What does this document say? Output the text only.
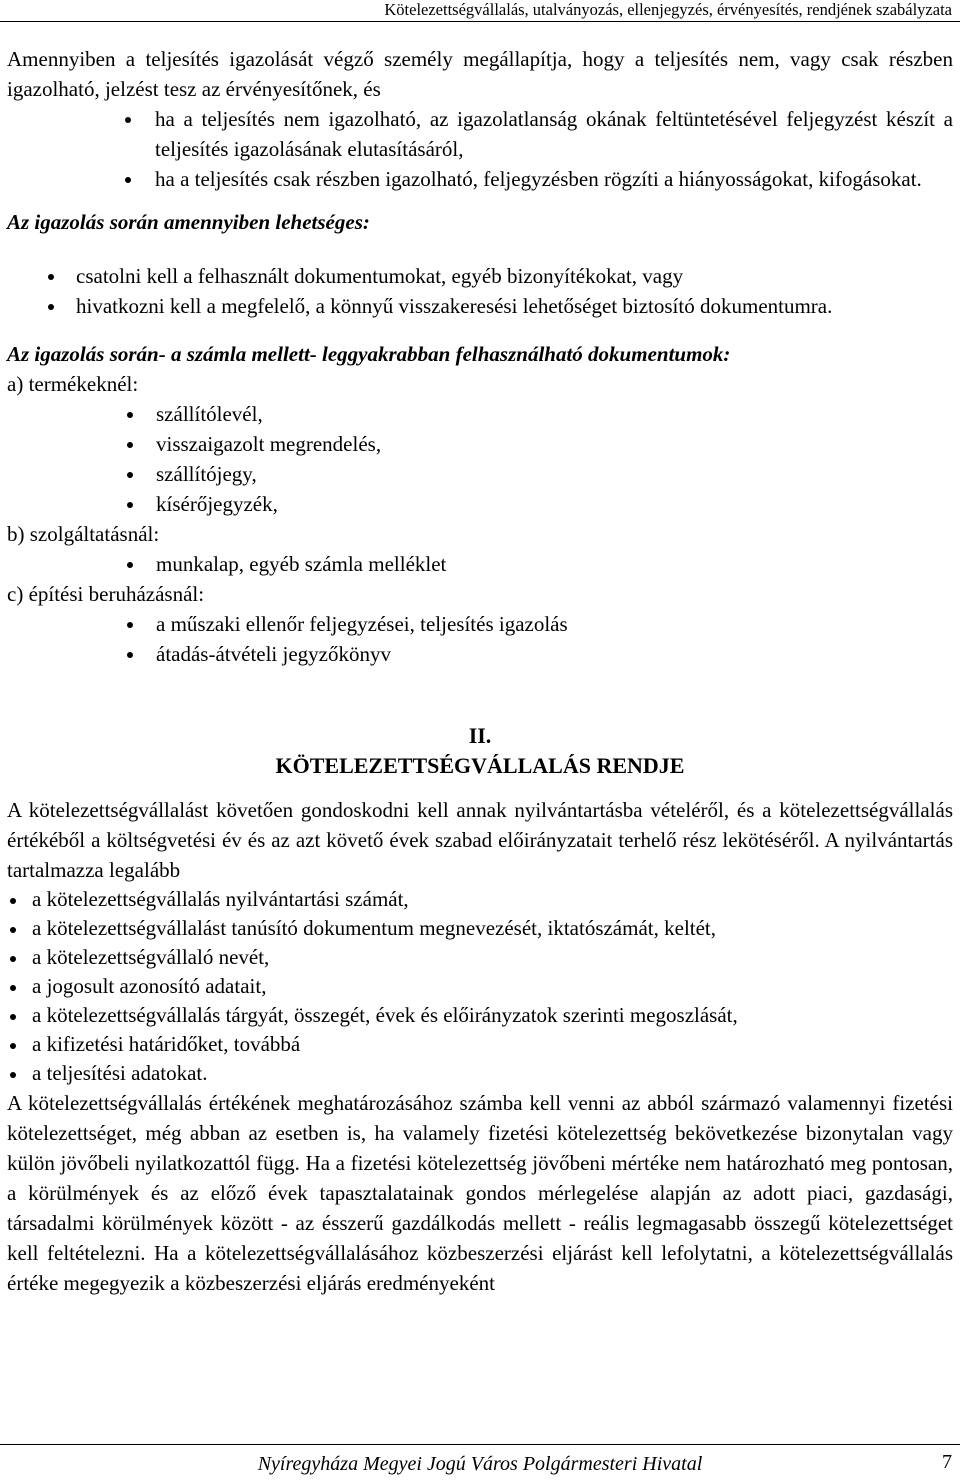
Kötelezettségvállalás, utalványozás, ellenjegyzés, érvényesítés, rendjének szabályzata

Amennyiben a teljesítés igazolását végző személy megállapítja, hogy a teljesítés nem, vagy csak részben igazolható, jelzést tesz az érvényesítőnek, és

ha a teljesítés nem igazolható, az igazolatlanság okának feltüntetésével feljegyzést készít a teljesítés igazolásának elutasításáról,
ha a teljesítés csak részben igazolható, feljegyzésben rögzíti a hiányosságokat, kifogásokat.

Az igazolás során amennyiben lehetséges:

csatolni kell a felhasznált dokumentumokat, egyéb bizonyítékokat, vagy
hivatkozni kell a megfelelő, a könnyű visszakeresési lehetőséget biztosító dokumentumra.

Az igazolás során- a számla mellett- leggyakrabban felhasználható dokumentumok:

a) termékeknél:

szállítólevél,
visszaigazolt megrendelés,
szállítójegy,
kísérőjegyzék,

b) szolgáltatásnál:

munkalap, egyéb számla melléklet

c) építési beruházásnál:

a műszaki ellenőr feljegyzései, teljesítés igazolás
átadás-átvételi jegyzőkönyv

II.

KÖTELEZETTSÉGVÁLLALÁS RENDJE

A kötelezettségvállalást követően gondoskodni kell annak nyilvántartásba vételéről, és a kötelezettségvállalás értékéből a költségvetési év és az azt követő évek szabad előirányzatait terhelő rész lekötéséről. A nyilvántartás tartalmazza legalább

a kötelezettségvállalás nyilvántartási számát,
a kötelezettségvállalást tanúsító dokumentum megnevezését, iktatószámát, keltét,
a kötelezettségvállaló nevét,
a jogosult azonosító adatait,
a kötelezettségvállalás tárgyát, összegét, évek és előirányzatok szerinti megoszlását,
a kifizetési határidőket, továbbá
a teljesítési adatokat.

A kötelezettségvállalás értékének meghatározásához számba kell venni az abból származó valamennyi fizetési kötelezettséget, még abban az esetben is, ha valamely fizetési kötelezettség bekövetkezése bizonytalan vagy külön jövőbeli nyilatkozattól függ. Ha a fizetési kötelezettség jövőbeni mértéke nem határozható meg pontosan, a körülmények és az előző évek tapasztalatainak gondos mérlegelése alapján az adott piaci, gazdasági, társadalmi körülmények között - az ésszerű gazdálkodás mellett - reális legmagasabb összegű kötelezettséget kell feltételezni. Ha a kötelezettségvállalásához közbeszerzési eljárást kell lefolytatni, a kötelezettségvállalás értéke megegyezik a közbeszerzési eljárás eredményeként

Nyíregyháza Megyei Jogú Város Polgármesteri Hivatal	7
